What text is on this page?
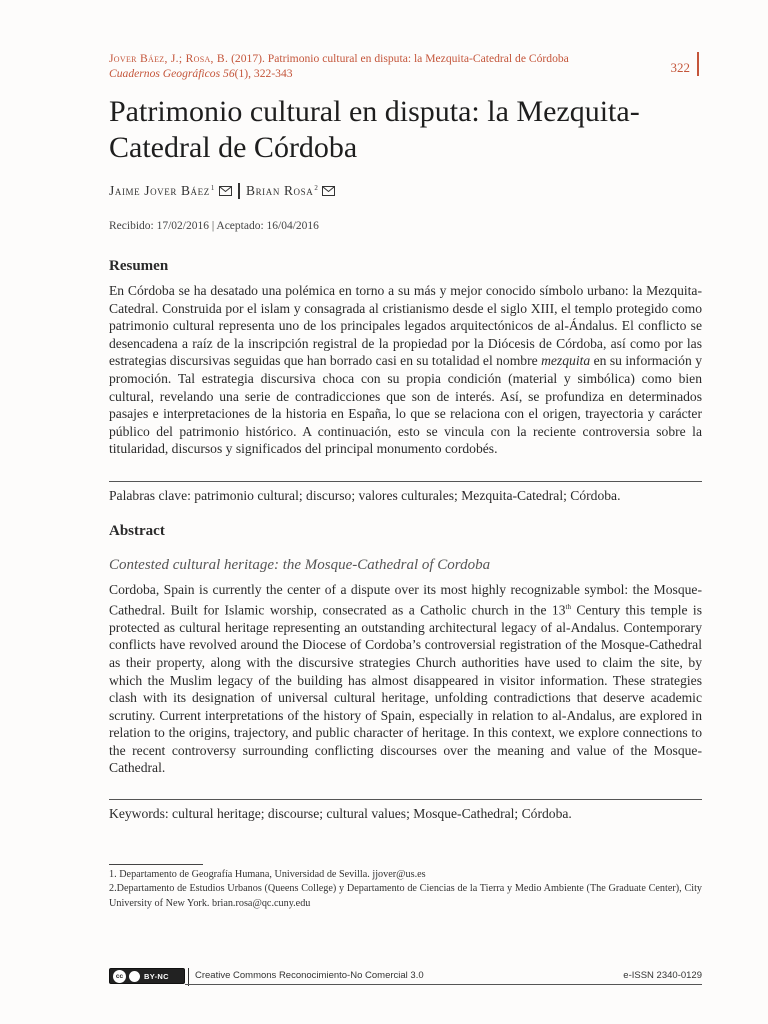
Jover Báez, J.; Rosa, B. (2017). Patrimonio cultural en disputa: la Mezquita-Catedral de Córdoba
Cuadernos Geográficos 56(1), 322-343	322
Patrimonio cultural en disputa: la Mezquita-Catedral de Córdoba
Jaime Jover Báez$^1$ Brian Rosa$^2$
Recibido: 17/02/2016 | Aceptado: 16/04/2016
Resumen

En Córdoba se ha desatado una polémica en torno a su más y mejor conocido símbolo urbano: la Mezquita-Catedral. Construida por el islam y consagrada al cristianismo desde el siglo XIII, el templo protegido como patrimonio cultural representa uno de los principales legados arquitectónicos de al-Ándalus. El conflicto se desencadena a raíz de la inscripción registral de la propiedad por la Diócesis de Córdoba, así como por las estrategias discursivas seguidas que han borrado casi en su totalidad el nombre mezquita en su información y promoción. Tal estrategia discursiva choca con su propia condición (material y simbólica) como bien cultural, revelando una serie de contradicciones que son de interés. Así, se profundiza en determinados pasajes e interpretaciones de la historia en España, lo que se relaciona con el origen, trayectoria y carácter público del patrimonio histórico. A continuación, esto se vincula con la reciente controversia sobre la titularidad, discursos y significados del principal monumento cordobés.

Palabras clave: patrimonio cultural; discurso; valores culturales; Mezquita-Catedral; Córdoba.
Abstract
Contested cultural heritage: the Mosque-Cathedral of Cordoba

Cordoba, Spain is currently the center of a dispute over its most highly recognizable symbol: the Mosque-Cathedral. Built for Islamic worship, consecrated as a Catholic church in the 13th Century this temple is protected as cultural heritage representing an outstanding architectural legacy of al-Andalus. Contemporary conflicts have revolved around the Diocese of Cordoba’s controversial registration of the Mosque-Cathedral as their property, along with the discursive strategies Church authorities have used to claim the site, by which the Muslim legacy of the building has almost disappeared in visitor information. These strategies clash with its designation of universal cultural heritage, unfolding contradictions that deserve academic scrutiny. Current interpretations of the history of Spain, especially in relation to al-Andalus, are explored in relation to the origins, trajectory, and public character of heritage. In this context, we explore connections to the recent controversy surrounding conflicting discourses over the meaning and value of the Mosque-Cathedral.

Keywords: cultural heritage; discourse; cultural values; Mosque-Cathedral; Córdoba.

1. Departamento de Geografía Humana, Universidad de Sevilla. jjover@us.es

2.Departamento de Estudios Urbanos (Queens College) y Departamento de Ciencias de la Tierra y Medio Ambiente (The Graduate Center), City University of New York. brian.rosa@qc.cuny.edu

cc	BY-NC	Creative Commons Reconocimiento-No Comercial 3.0	e-ISSN 2340-0129
